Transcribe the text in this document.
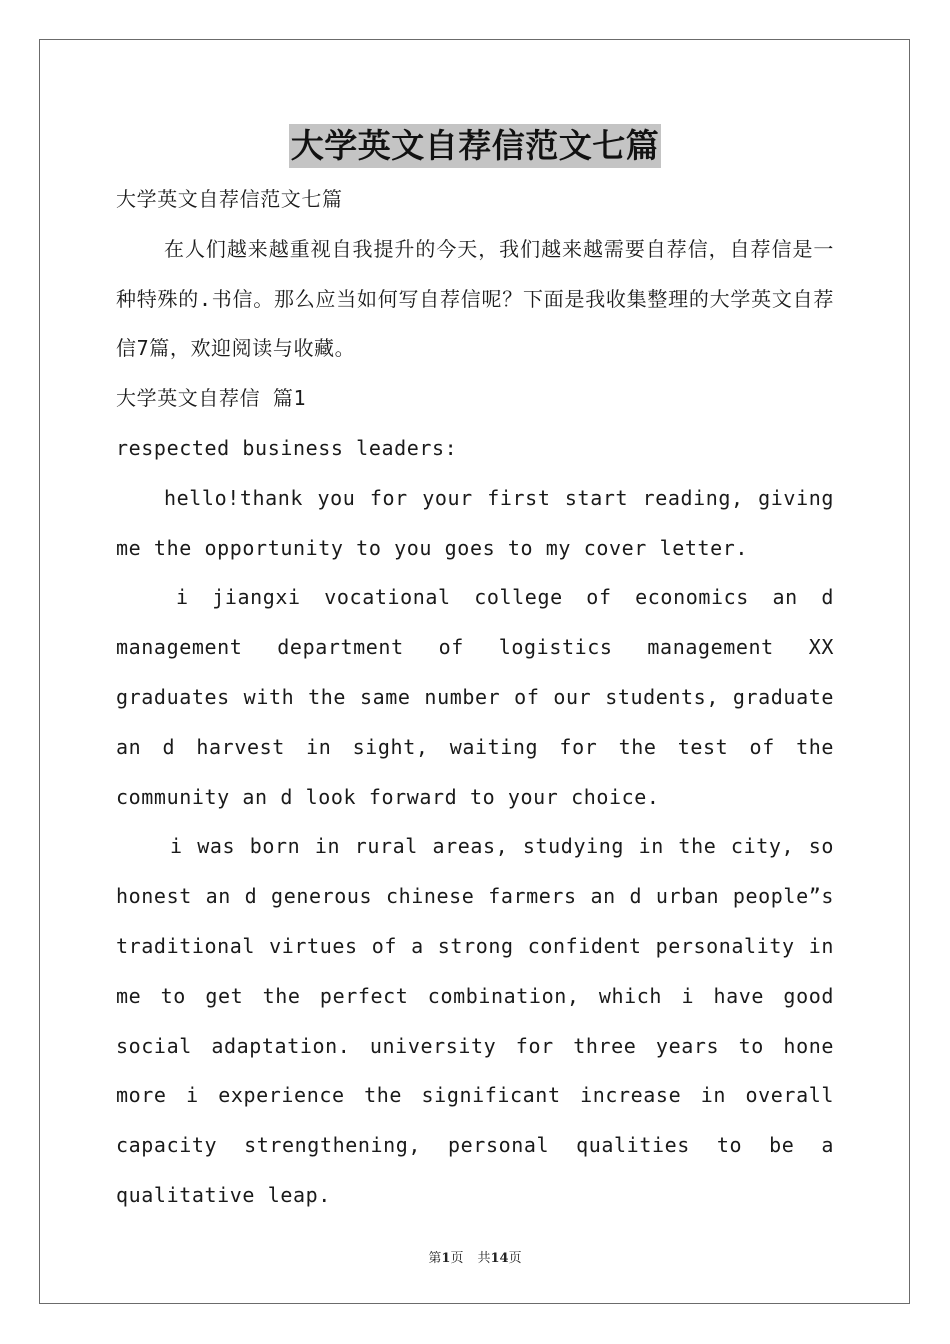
大学英文自荐信范文七篇

大学英文自荐信范文七篇

在人们越来越重视自我提升的今天，我们越来越需要自荐信，自荐信是一种特殊的.书信。那么应当如何写自荐信呢？下面是我收集整理的大学英文自荐信7篇，欢迎阅读与收藏。

大学英文自荐信 篇1

respected business leaders:

hello!thank you for your first start reading, giving me the opportunity to you goes to my cover letter.

i jiangxi vocational college of economics an d management department of logistics management XX graduates with the same number of our students, graduate an d harvest in sight, waiting for the test of the community an d look forward to your choice.

i was born in rural areas, studying in the city, so honest an d generous chinese farmers an d urban people”s traditional virtues of a strong confident personality in me to get the perfect combination, which i have good social adaptation. university for three years to hone more i experience the significant increase in overall capacity strengthening, personal qualities to be a qualitative leap.

第1页 共14页
